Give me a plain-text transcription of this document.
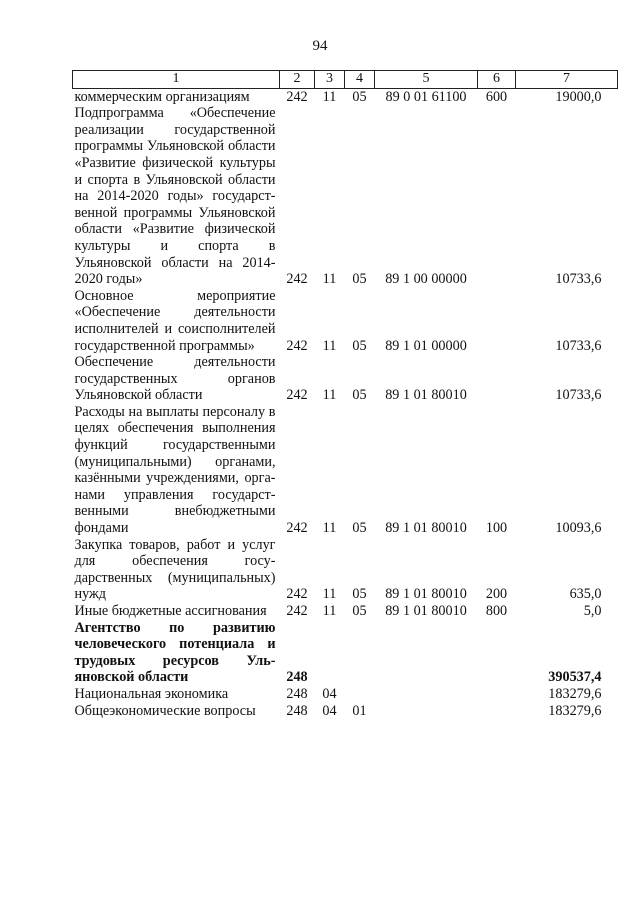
94
1	2	3	4	5	6	7
коммерческим организациям	242	11	05	89 0 01 61100	600	19000,0
Подпрограмма «Обеспечение реализации государственной программы Ульяновской области «Развитие физической культуры и спорта в Ульяновской области на 2014-2020 годы» государственной программы Ульяновской области «Развитие физической культуры и спорта в Ульяновской области на 2014-2020 годы»	242	11	05	89 1 00 00000		10733,6
Основное мероприятие «Обеспечение деятельности исполнителей и соисполнителей государственной программы»	242	11	05	89 1 01 00000		10733,6
Обеспечение деятельности государственных органов Ульяновской области	242	11	05	89 1 01 80010		10733,6
Расходы на выплаты персоналу в целях обеспечения выполнения функций государственными (муниципальными) органами, казёнными учреждениями, органами управления государственными внебюджетными фондами	242	11	05	89 1 01 80010	100	10093,6
Закупка товаров, работ и услуг для обеспечения государственных (муниципальных) нужд	242	11	05	89 1 01 80010	200	635,0
Иные бюджетные ассигнования	242	11	05	89 1 01 80010	800	5,0
Агентство по развитию человеческого потенциала и трудовых ресурсов Ульяновской области	248					390537,4
Национальная экономика	248	04				183279,6
Общеэкономические вопросы	248	04	01			183279,6
